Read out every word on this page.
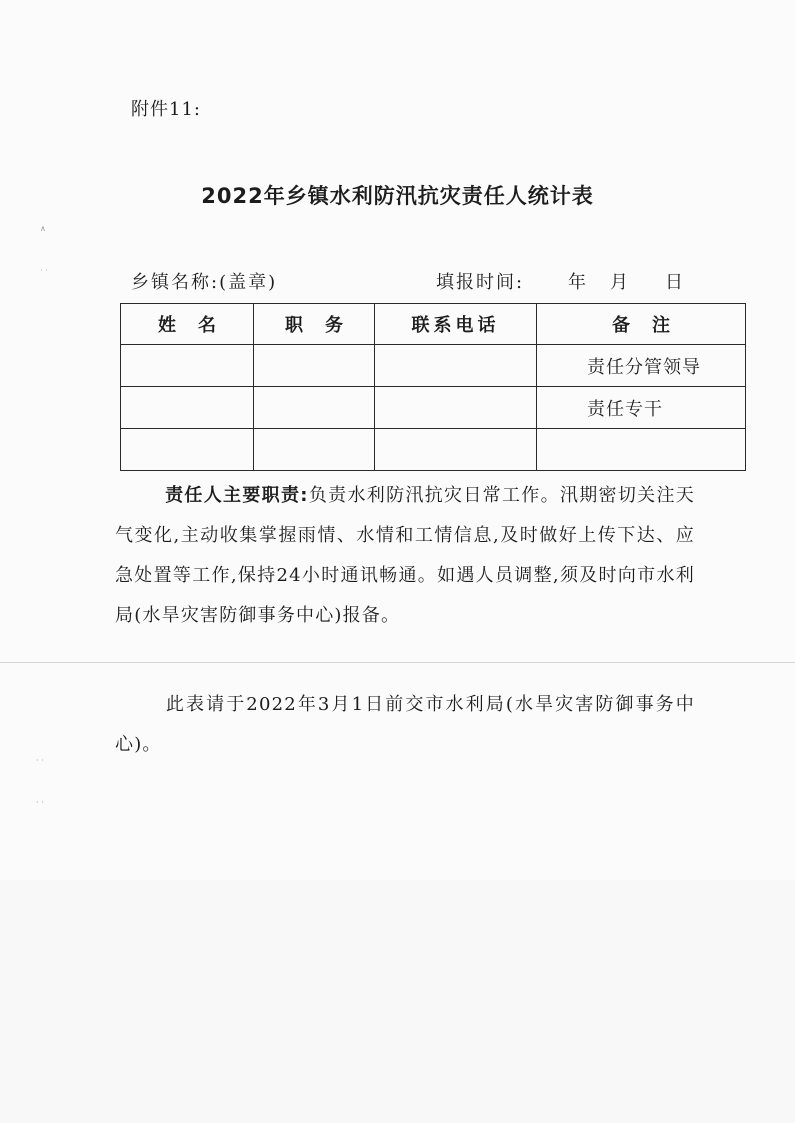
附件11:
2022年乡镇水利防汛抗灾责任人统计表
乡镇名称:(盖章)	填报时间: 年 月 日
姓名	职务	联系电话	备注
			责任分管领导
			责任专干

责任人主要职责:负责水利防汛抗灾日常工作。汛期密切关注天气变化,主动收集掌握雨情、水情和工情信息,及时做好上传下达、应急处置等工作,保持24小时通讯畅通。如遇人员调整,须及时向市水利局(水旱灾害防御事务中心)报备。
此表请于2022年3月1日前交市水利局(水旱灾害防御事务中心)。
∧
· ·
· ·
· ·
